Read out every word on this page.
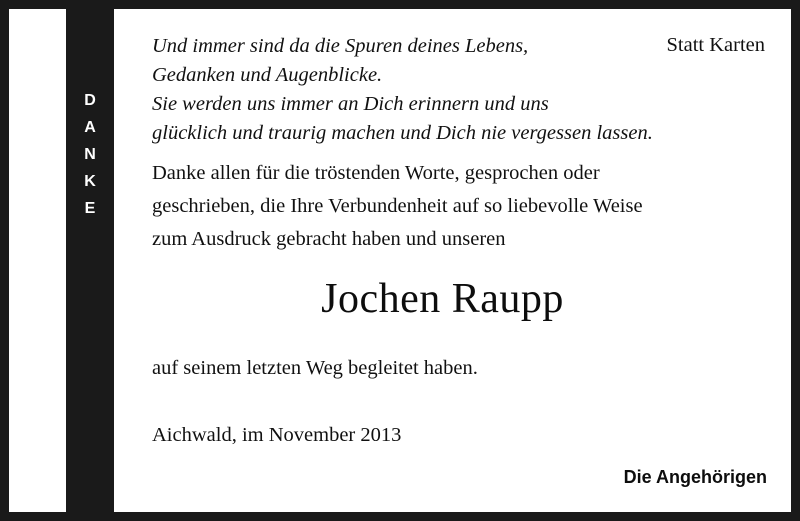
D
A
N
K
E
Statt Karten
Und immer sind da die Spuren deines Lebens,
Gedanken und Augenblicke.
Sie werden uns immer an Dich erinnern und uns
glücklich und traurig machen und Dich nie vergessen lassen.
Danke allen für die tröstenden Worte, gesprochen oder
geschrieben, die Ihre Verbundenheit auf so liebevolle Weise
zum Ausdruck gebracht haben und unseren
Jochen Raupp
auf seinem letzten Weg begleitet haben.
Aichwald, im November 2013
Die Angehörigen
